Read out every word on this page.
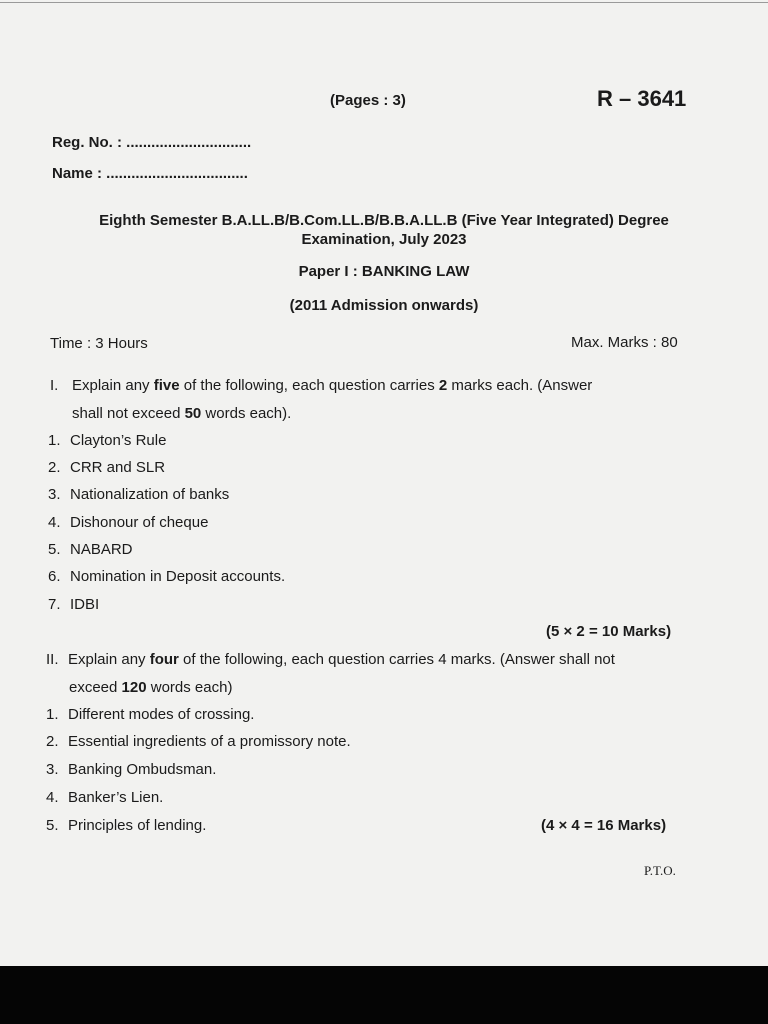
(Pages : 3)	R – 3641
Reg. No. : ..............................
Name : ..................................
Eighth Semester B.A.LL.B/B.Com.LL.B/B.B.A.LL.B (Five Year Integrated) Degree
Examination, July 2023
Paper I : BANKING LAW
(2011 Admission onwards)
Time : 3 Hours	Max. Marks : 80
I. Explain any five of the following, each question carries 2 marks each. (Answer
shall not exceed 50 words each).
1. Clayton’s Rule
2. CRR and SLR
3. Nationalization of banks
4. Dishonour of cheque
5. NABARD
6. Nomination in Deposit accounts.
7. IDBI
(5 × 2 = 10 Marks)
II. Explain any four of the following, each question carries 4 marks. (Answer shall not
exceed 120 words each)
1. Different modes of crossing.
2. Essential ingredients of a promissory note.
3. Banking Ombudsman.
4. Banker’s Lien.
5. Principles of lending.	(4 × 4 = 16 Marks)
P.T.O.
